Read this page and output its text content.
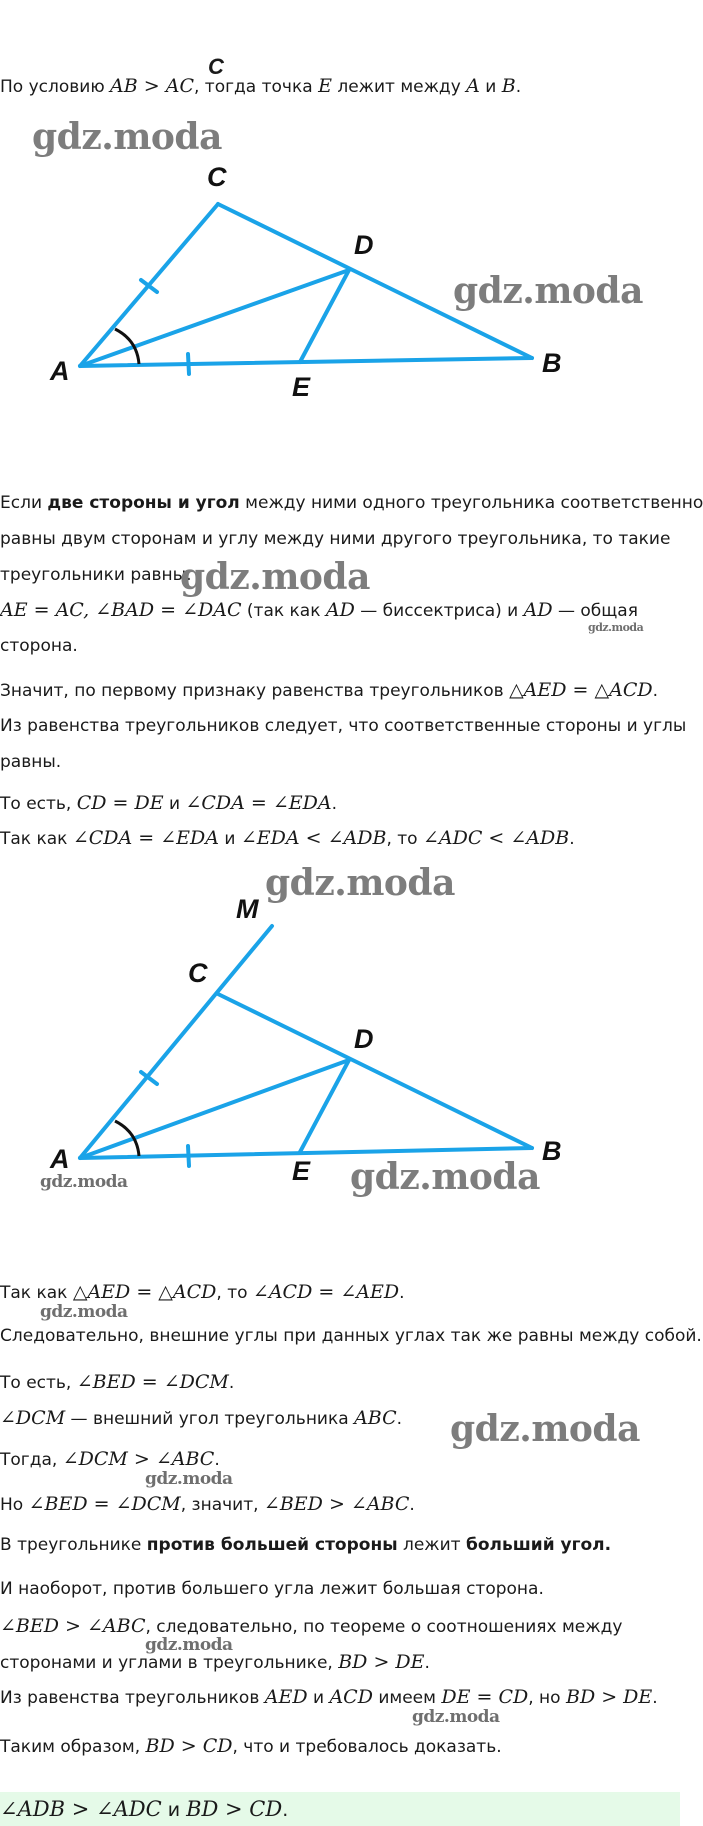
C
По условию AB > AC, тогда точка E лежит между A и B.
gdz.moda
A	B
C
D
E
gdz.moda
Если две стороны и угол между ними одного треугольника соответственно
равны двум сторонам и углу между ними другого треугольника, то такие
треугольники равны.
gdz.moda
AE = AC, ∠BAD = ∠DAC (так как AD — биссектриса) и AD — общая
gdz.moda
сторона.
Значит, по первому признаку равенства треугольников △AED = △ACD.
Из равенства треугольников следует, что соответственные стороны и углы
равны.
То есть, CD = DE и ∠CDA = ∠EDA.
Так как ∠CDA = ∠EDA и ∠EDA < ∠ADB, то ∠ADC < ∠ADB.
gdz.moda
A	B
C
D
E
M
gdz.moda	gdz.moda
Так как △AED = △ACD, то ∠ACD = ∠AED.
gdz.moda
Следовательно, внешние углы при данных углах так же равны между собой.
То есть, ∠BED = ∠DCM.
∠DCM — внешний угол треугольника ABC.	gdz.moda
Тогда, ∠DCM > ∠ABC.
gdz.moda
Но ∠BED = ∠DCM, значит, ∠BED > ∠ABC.
В треугольнике против большей стороны лежит больший угол.
И наоборот, против большего угла лежит большая сторона.
∠BED > ∠ABC, следовательно, по теореме о соотношениях между
gdz.moda
сторонами и углами в треугольнике, BD > DE.
Из равенства треугольников AED и ACD имеем DE = CD, но BD > DE.
gdz.moda
Таким образом, BD > CD, что и требовалось доказать.
∠ADB > ∠ADC и BD > CD.
